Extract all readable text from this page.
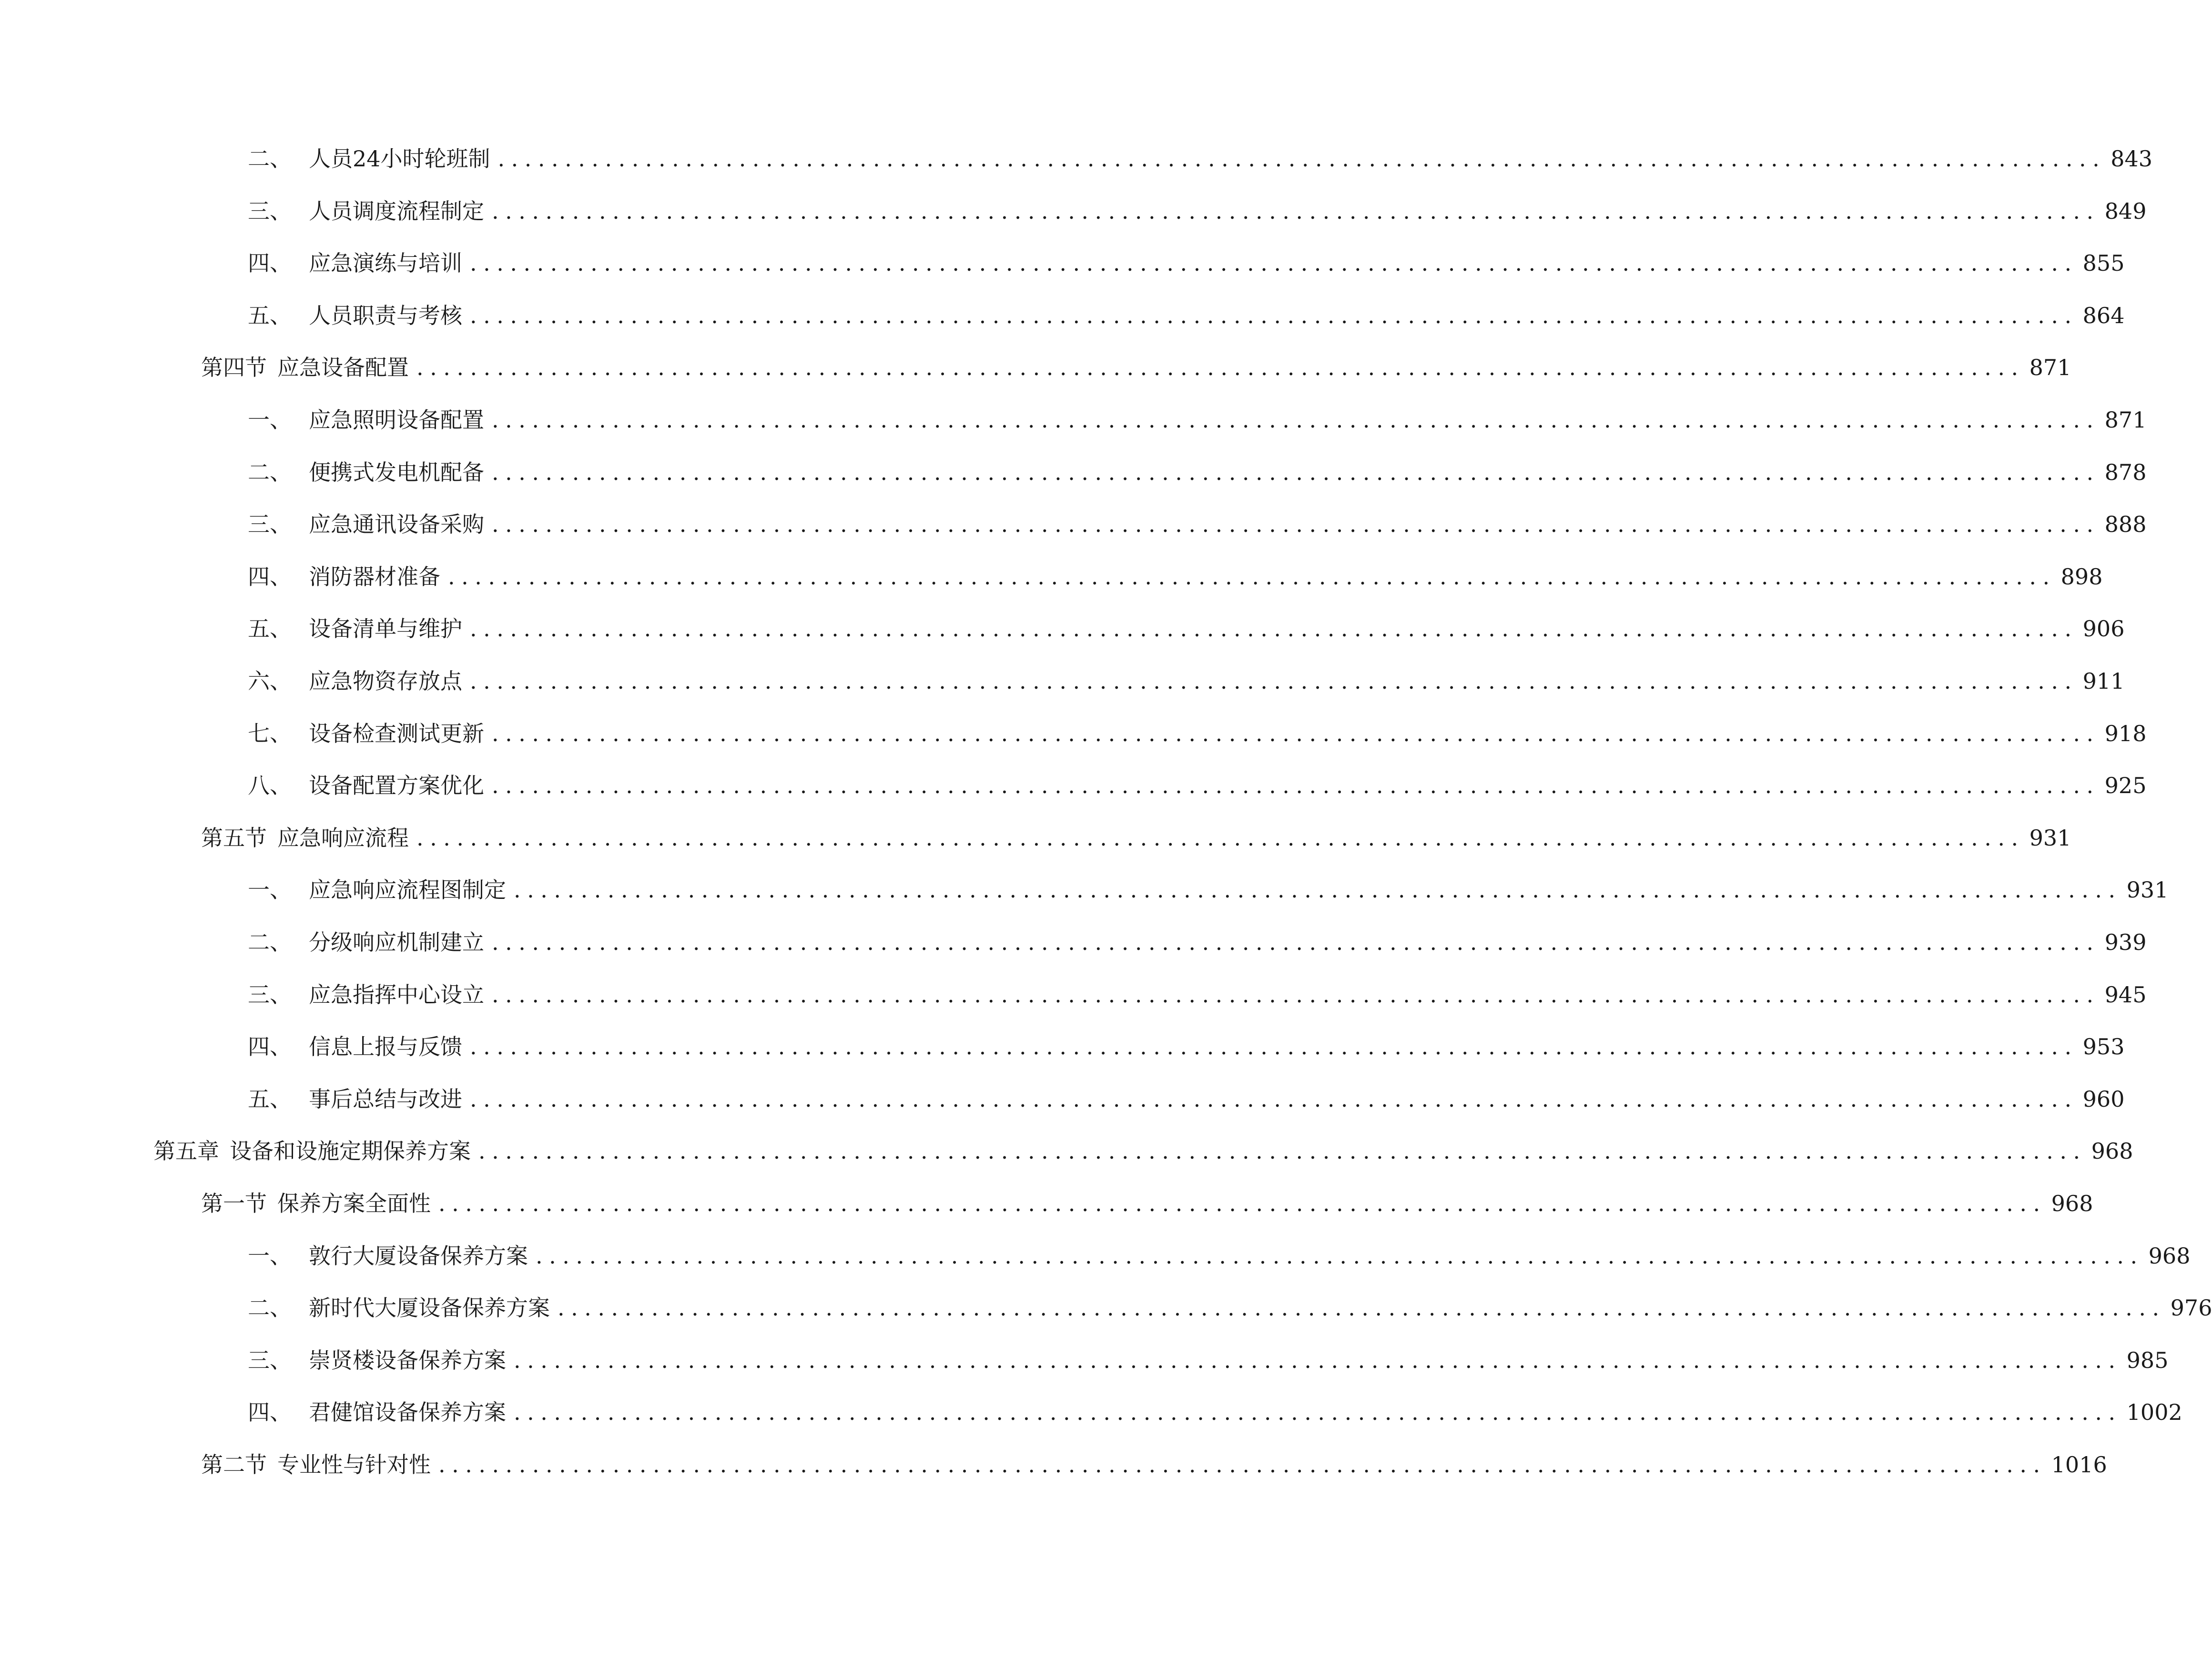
二、 人员24小时轮班制 ........................................................................................................................ 843
三、 人员调度流程制定 ........................................................................................................................ 849
四、 应急演练与培训 ........................................................................................................................ 855
五、 人员职责与考核 ........................................................................................................................ 864
第四节 应急设备配置 ........................................................................................................................ 871
一、 应急照明设备配置 ........................................................................................................................ 871
二、 便携式发电机配备 ........................................................................................................................ 878
三、 应急通讯设备采购 ........................................................................................................................ 888
四、 消防器材准备 ........................................................................................................................ 898
五、 设备清单与维护 ........................................................................................................................ 906
六、 应急物资存放点 ........................................................................................................................ 911
七、 设备检查测试更新 ........................................................................................................................ 918
八、 设备配置方案优化 ........................................................................................................................ 925
第五节 应急响应流程 ........................................................................................................................ 931
一、 应急响应流程图制定 ........................................................................................................................ 931
二、 分级响应机制建立 ........................................................................................................................ 939
三、 应急指挥中心设立 ........................................................................................................................ 945
四、 信息上报与反馈 ........................................................................................................................ 953
五、 事后总结与改进 ........................................................................................................................ 960
第五章 设备和设施定期保养方案 ........................................................................................................................ 968
第一节 保养方案全面性 ........................................................................................................................ 968
一、 敦行大厦设备保养方案 ........................................................................................................................ 968
二、 新时代大厦设备保养方案 ........................................................................................................................ 976
三、 崇贤楼设备保养方案 ........................................................................................................................ 985
四、 君健馆设备保养方案 ........................................................................................................................ 1002
第二节 专业性与针对性 ........................................................................................................................ 1016
